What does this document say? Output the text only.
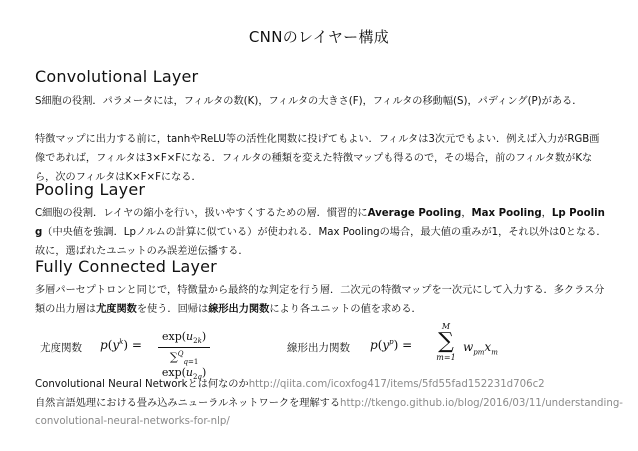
CNNのレイヤー構成
Convolutional Layer

S細胞の役割．パラメータには，フィルタの数(K)，フィルタの大きさ(F)，フィルタの移動幅(S)，パディング(P)がある．

特徴マップに出力する前に，tanhやReLU等の活性化関数に投げてもよい．フィルタは3次元でもよい．例えば入力がRGB画像であれば，フィルタは3×F×Fになる．フィルタの種類を変えた特徴マップも得るので，その場合，前のフィルタ数がKなら，次のフィルタはK×F×Fになる．

Pooling Layer

C細胞の役割．レイヤの縮小を行い，扱いやすくするための層．慣習的にAverage Pooling，Max Pooling，Lp Pooling（中央値を強調．Lpノルムの計算に似ている）が使われる．Max Poolingの場合，最大値の重みが1，それ以外は0となる．故に，選ばれたユニットのみ誤差逆伝播する．

Fully Connected Layer

多層パーセプトロンと同じで，特徴量から最終的な判定を行う層．二次元の特徴マップを一次元にして入力する．多クラス分類の出力層は尤度関数を使う．回帰は線形出力関数により各ユニットの値を求める．

尤度関数 $p(y^k)$ =
$\exp(u_{2k})$
∑$^Q_{q=1}$ $\exp(u_{2q})$
線形出力関数 $p(y^p)$ =
M
∑
m=1
$w_{pm}x_m$
Convolutional Neural Networkとは何なのかhttp://qiita.com/icoxfog417/items/5fd55fad152231d706c2
自然言語処理における畳み込みニューラルネットワークを理解するhttp://tkengo.github.io/blog/2016/03/11/understanding-convolutional-neural-networks-for-nlp/
